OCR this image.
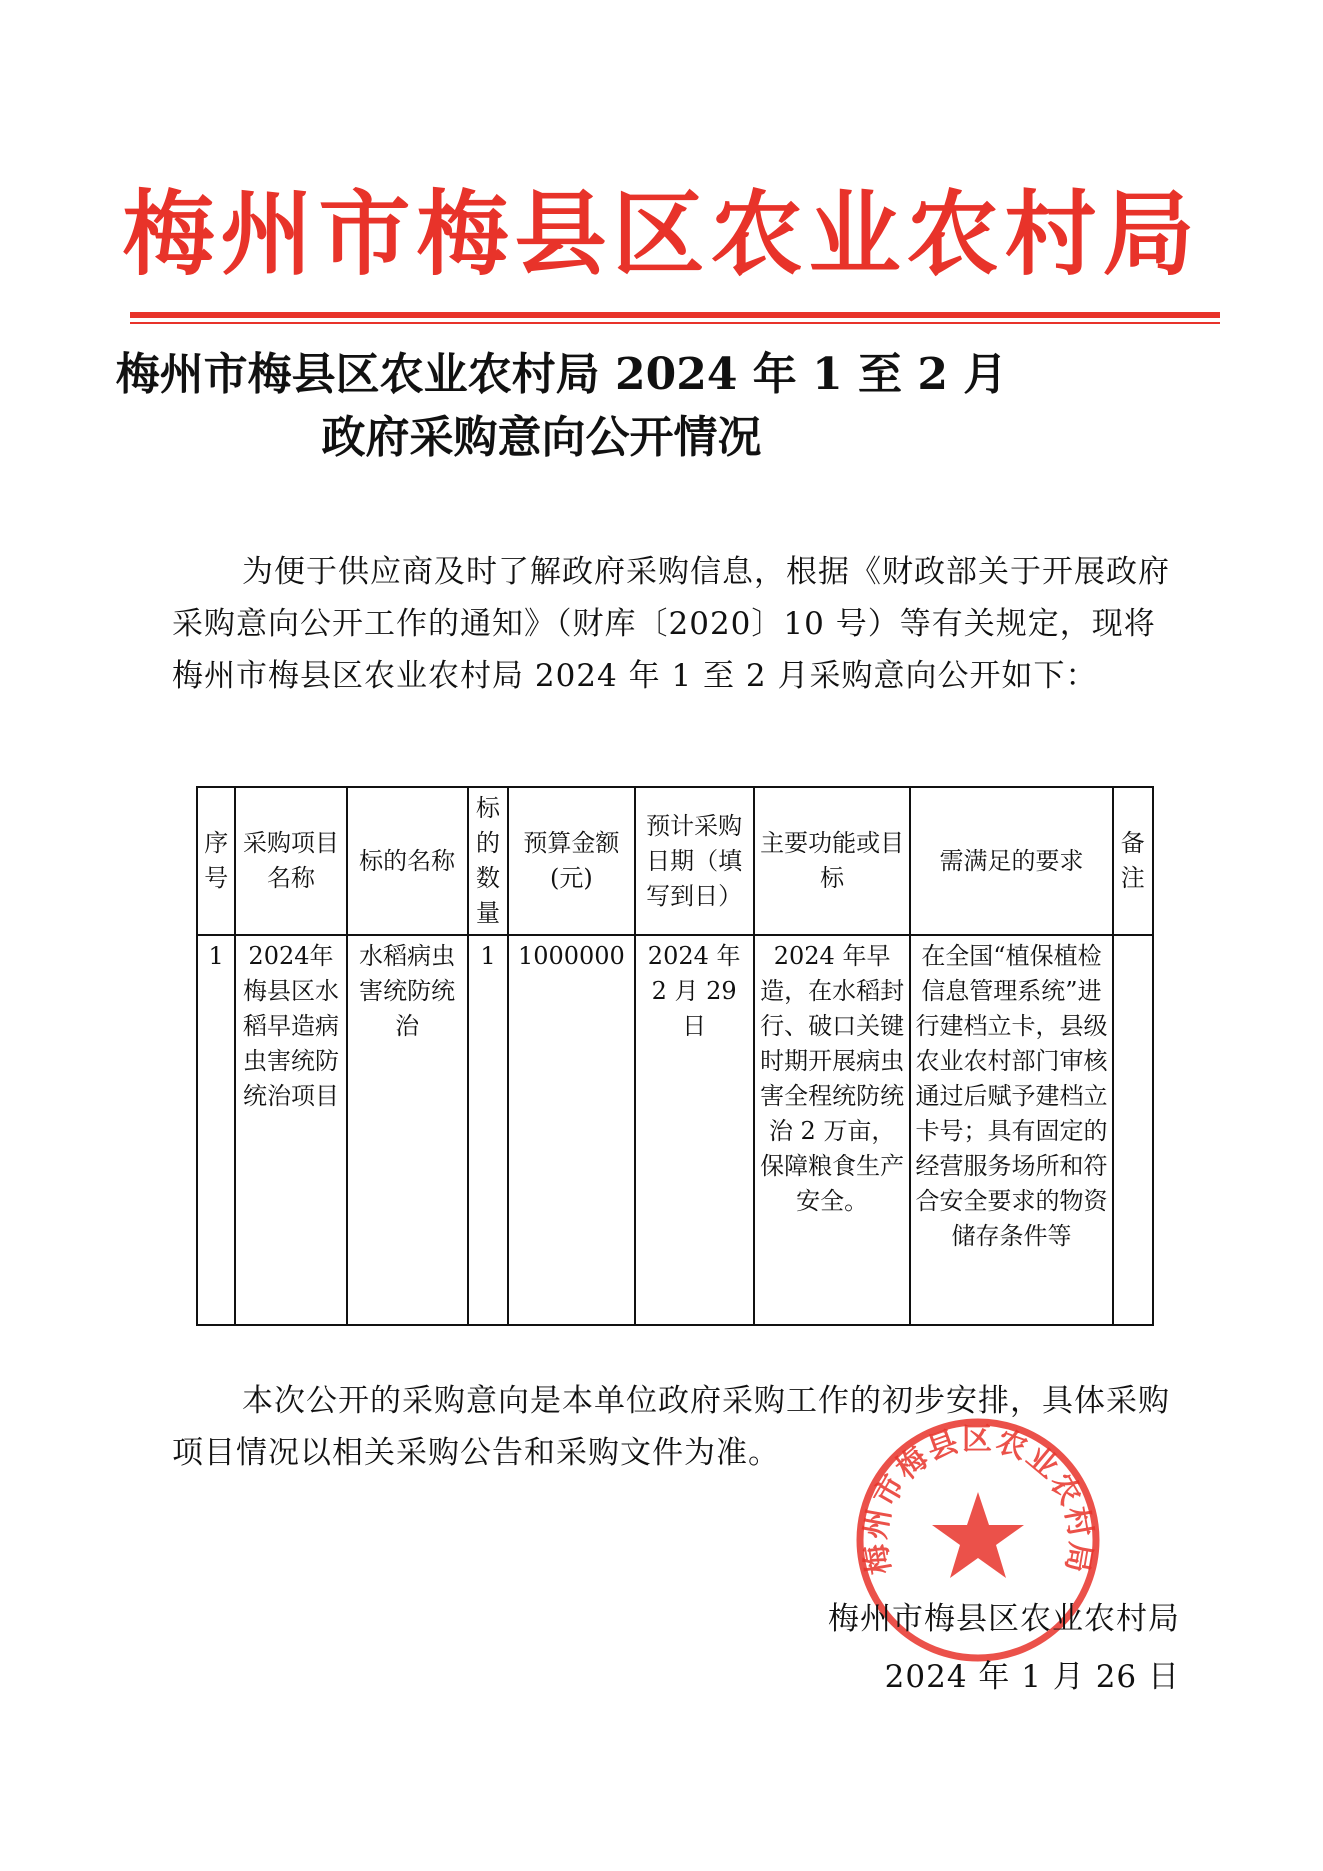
梅州市梅县区农业农村局
梅州市梅县区农业农村局 2024 年 1 至 2 月
政府采购意向公开情况
为便于供应商及时了解政府采购信息，根据《财政部关于开展政府采购意向公开工作的通知》（财库〔2020〕10 号）等有关规定，现将梅州市梅县区农业农村局 2024 年 1 至 2 月采购意向公开如下：
序号	采购项目名称	标的名称	标的数量	预算金额(元)	预计采购日期（填写到日）	主要功能或目标	需满足的要求	备注
1	2024年梅县区水稻早造病虫害统防统治项目	水稻病虫害统防统治	1	1000000	2024 年 2 月 29 日	2024 年早造，在水稻封行、破口关键时期开展病虫害全程统防统治 2 万亩，保障粮食生产安全。	在全国“植保植检信息管理系统”进行建档立卡，县级农业农村部门审核通过后赋予建档立卡号；具有固定的经营服务场所和符合安全要求的物资储存条件等	
本次公开的采购意向是本单位政府采购工作的初步安排，具体采购项目情况以相关采购公告和采购文件为准。
梅州市梅县区农业农村局
梅州市梅县区农业农村局
2024 年 1 月 26 日
